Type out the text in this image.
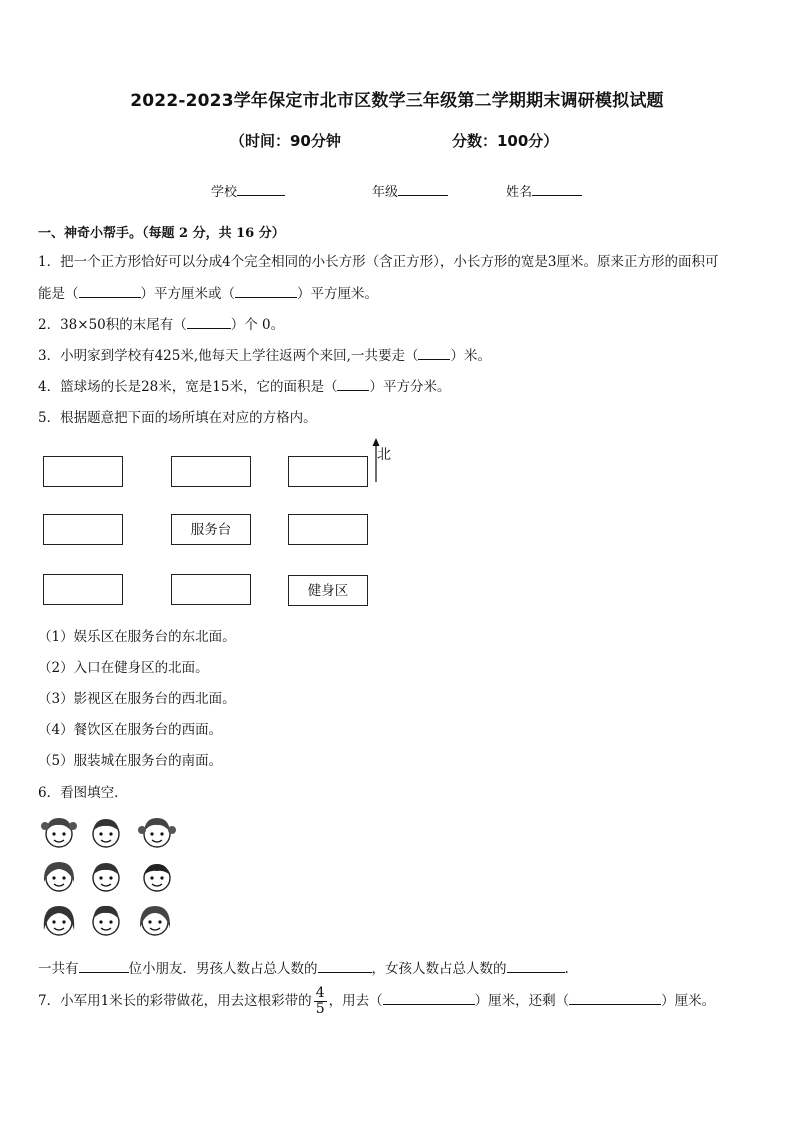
2022-2023学年保定市北市区数学三年级第二学期期末调研模拟试题
（时间：90分钟	分数：100分）
学校	年级	姓名
一、神奇小帮手。（每题 2 分，共 16 分）
1．把一个正方形恰好可以分成4个完全相同的小长方形（含正方形），小长方形的宽是3厘米。原来正方形的面积可
能是（	）平方厘米或（	）平方厘米。
2．38×50积的末尾有（	）个 0。
3．小明家到学校有425米,他每天上学往返两个来回,一共要走（ ）米。
4．篮球场的长是28米，宽是15米，它的面积是（ ）平方分米。
5．根据题意把下面的场所填在对应的方格内。
服务台
健身区
北
（1）娱乐区在服务台的东北面。
（2）入口在健身区的北面。
（3）影视区在服务台的西北面。
（4）餐饮区在服务台的西面。
（5）服装城在服务台的南面。
6．看图填空．
一共有	位小朋友．男孩人数占总人数的	，女孩人数占总人数的	.
7．小军用1米长的彩带做花，用去这根彩带的 $\frac{4}{5}$ ，用去（	）厘米，还剩（	）厘米。
